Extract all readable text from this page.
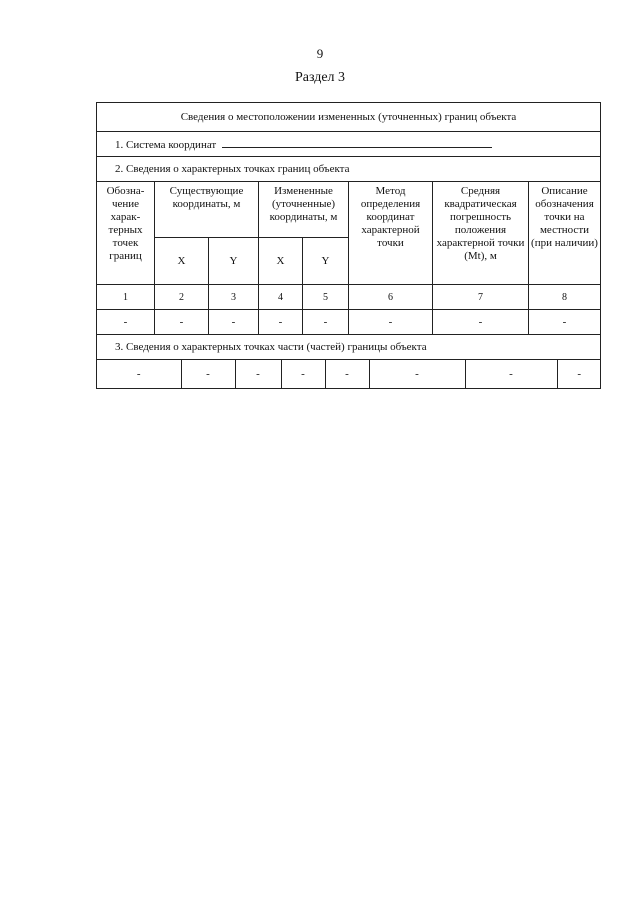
9
Раздел 3
Сведения о местоположении измененных (уточненных) границ объекта
1. Система координат
2. Сведения о характерных точках границ объекта
Обозна-чение харак-терных точек границ	Существующие координаты, м	Измененные (уточненные) координаты, м	Метод определения координат характерной точки	Средняя квадратическая погрешность положения характерной точки (Mt), м	Описание обозначения точки на местности (при наличии)
X	Y	X	Y
1	2	3	4	5	6	7	8
-	-	-	-	-	-	-	-
3. Сведения о характерных точках части (частей) границы объекта

-	-	-	-	-	-	-	-
